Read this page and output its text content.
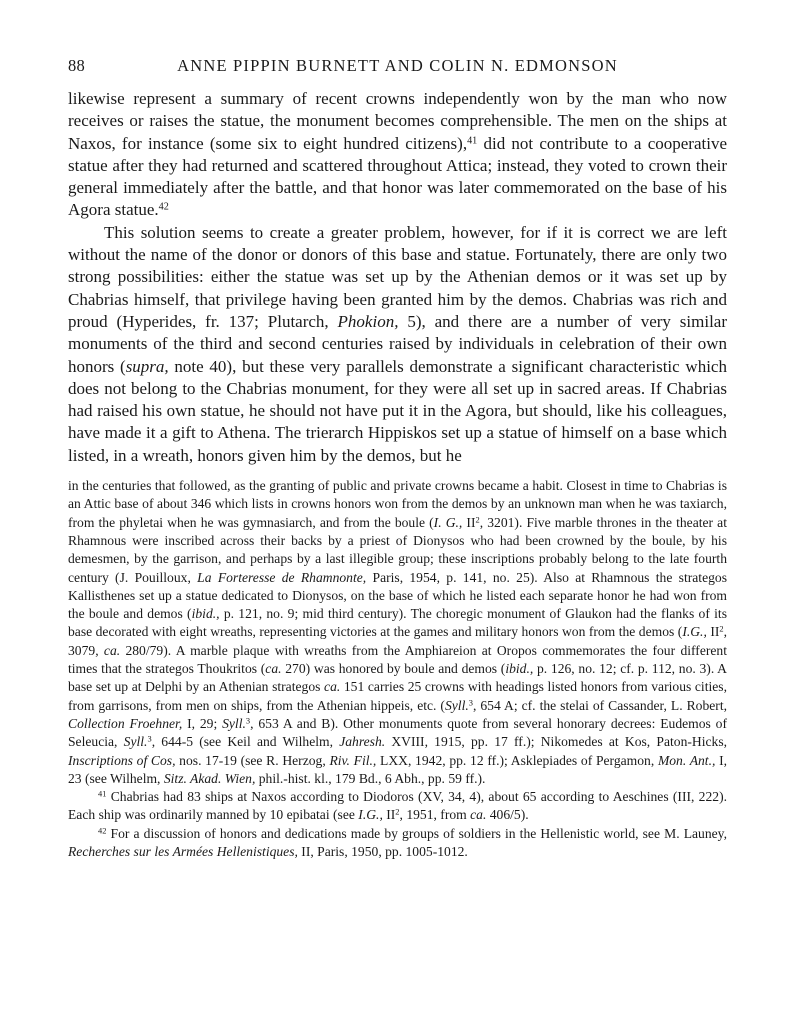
88	ANNE PIPPIN BURNETT AND COLIN N. EDMONSON

likewise represent a summary of recent crowns independently won by the man who now receives or raises the statue, the monument becomes comprehensible. The men on the ships at Naxos, for instance (some six to eight hundred citizens),$^{41}$ did not contribute to a cooperative statue after they had returned and scattered throughout Attica; instead, they voted to crown their general immediately after the battle, and that honor was later commemorated on the base of his Agora statue.$^{42}$

This solution seems to create a greater problem, however, for if it is correct we are left without the name of the donor or donors of this base and statue. Fortunately, there are only two strong possibilities: either the statue was set up by the Athenian demos or it was set up by Chabrias himself, that privilege having been granted him by the demos. Chabrias was rich and proud (Hyperides, fr. 137; Plutarch, Phokion, 5), and there are a number of very similar monuments of the third and second centuries raised by individuals in celebration of their own honors (supra, note 40), but these very parallels demonstrate a significant characteristic which does not belong to the Chabrias monument, for they were all set up in sacred areas. If Chabrias had raised his own statue, he should not have put it in the Agora, but should, like his colleagues, have made it a gift to Athena. The trierarch Hippiskos set up a statue of himself on a base which listed, in a wreath, honors given him by the demos, but he

in the centuries that followed, as the granting of public and private crowns became a habit. Closest in time to Chabrias is an Attic base of about 346 which lists in crowns honors won from the demos by an unknown man when he was taxiarch, from the phyletai when he was gymnasiarch, and from the boule (I. G., II$^2$, 3201). Five marble thrones in the theater at Rhamnous were inscribed across their backs by a priest of Dionysos who had been crowned by the boule, by his demesmen, by the garrison, and perhaps by a last illegible group; these inscriptions probably belong to the late fourth century (J. Pouilloux, La Forteresse de Rhamnonte, Paris, 1954, p. 141, no. 25). Also at Rhamnous the strategos Kallisthenes set up a statue dedicated to Dionysos, on the base of which he listed each separate honor he had won from the boule and demos (ibid., p. 121, no. 9; mid third century). The choregic monument of Glaukon had the flanks of its base decorated with eight wreaths, representing victories at the games and military honors won from the demos (I.G., II$^2$, 3079, ca. 280/79). A marble plaque with wreaths from the Amphiareion at Oropos commemorates the four different times that the strategos Thoukritos (ca. 270) was honored by boule and demos (ibid., p. 126, no. 12; cf. p. 112, no. 3). A base set up at Delphi by an Athenian strategos ca. 151 carries 25 crowns with headings listed honors from various cities, from garrisons, from men on ships, from the Athenian hippeis, etc. (Syll.$^3$, 654 A; cf. the stelai of Cassander, L. Robert, Collection Froehner, I, 29; Syll.$^3$, 653 A and B). Other monuments quote from several honorary decrees: Eudemos of Seleucia, Syll.$^3$, 644-5 (see Keil and Wilhelm, Jahresh. XVIII, 1915, pp. 17 ff.); Nikomedes at Kos, Paton-Hicks, Inscriptions of Cos, nos. 17-19 (see R. Herzog, Riv. Fil., LXX, 1942, pp. 12 ff.); Asklepiades of Pergamon, Mon. Ant., I, 23 (see Wilhelm, Sitz. Akad. Wien, phil.-hist. kl., 179 Bd., 6 Abh., pp. 59 ff.).

$^{41}$ Chabrias had 83 ships at Naxos according to Diodoros (XV, 34, 4), about 65 according to Aeschines (III, 222). Each ship was ordinarily manned by 10 epibatai (see I.G., II$^2$, 1951, from ca. 406/5).

$^{42}$ For a discussion of honors and dedications made by groups of soldiers in the Hellenistic world, see M. Launey, Recherches sur les Armées Hellenistiques, II, Paris, 1950, pp. 1005-1012.
